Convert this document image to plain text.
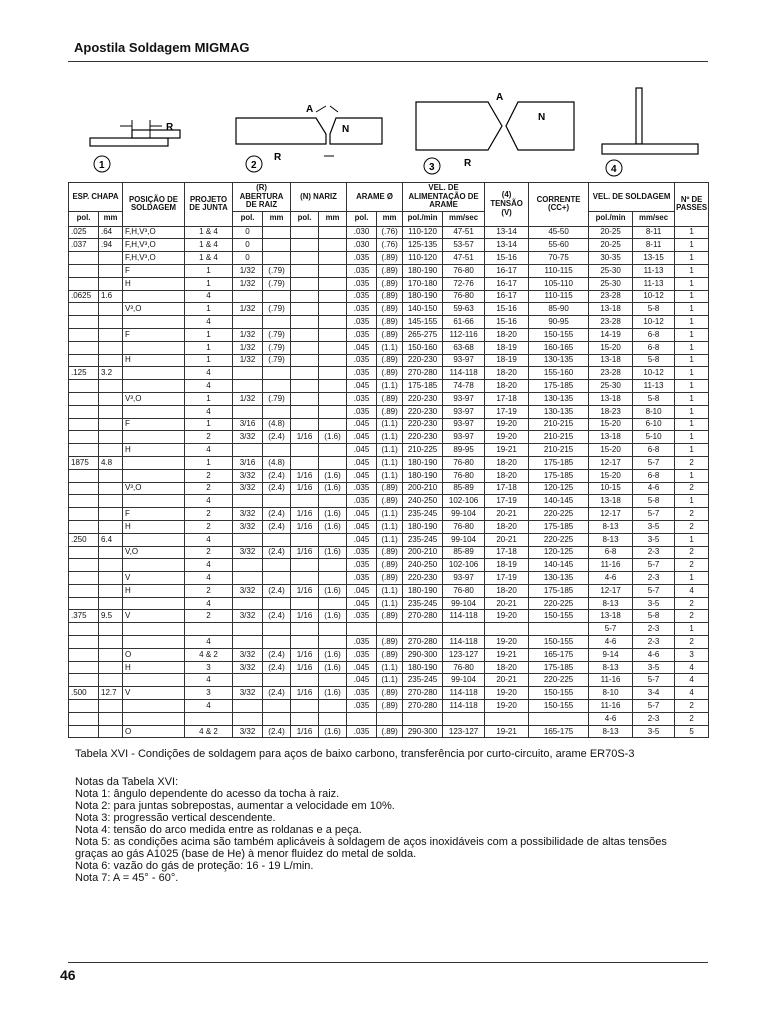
Apostila Soldagem MIGMAG
R
1
A
N
R
2
A
N
R
3	4
ESP. CHAPA		POSIÇÃO DE SOLDAGEM	PROJETO DE JUNTA	(R) ABERTURA DE RAIZ		(N) NARIZ		ARAME Ø		VEL. DE ALIMENTAÇÃO DE ARAME		(4) TENSÃO (V)	CORRENTE (CC+)	VEL. DE SOLDAGEM		Nº DE PASSES
pol.	mm			pol.	mm	pol.	mm	pol.	mm	pol./min	mm/sec			pol./min	mm/sec	
.025	.64	F,H,V³,O	1 & 4	0				.030	(.76)	110-120	47-51	13-14	45-50	20-25	8-11	1
.037	.94	F,H,V³,O	1 & 4	0				.030	(.76)	125-135	53-57	13-14	55-60	20-25	8-11	1
		F,H,V³,O	1 & 4	0				.035	(.89)	110-120	47-51	15-16	70-75	30-35	13-15	1
		F	1	1/32	(.79)			.035	(.89)	180-190	76-80	16-17	110-115	25-30	11-13	1
		H	1	1/32	(.79)			.035	(.89)	170-180	72-76	16-17	105-110	25-30	11-13	1
.0625	1.6		4					.035	(.89)	180-190	76-80	16-17	110-115	23-28	10-12	1
		V³,O	1	1/32	(.79)			.035	(.89)	140-150	59-63	15-16	85-90	13-18	5-8	1
			4					.035	(.89)	145-155	61-66	15-16	90-95	23-28	10-12	1
		F	1	1/32	(.79)			.035	(.89)	265-275	112-116	18-20	150-155	14-19	6-8	1
			1	1/32	(.79)			.045	(1.1)	150-160	63-68	18-19	160-165	15-20	6-8	1
		H	1	1/32	(.79)			.035	(.89)	220-230	93-97	18-19	130-135	13-18	5-8	1
.125	3.2		4					.035	(.89)	270-280	114-118	18-20	155-160	23-28	10-12	1
			4					.045	(1.1)	175-185	74-78	18-20	175-185	25-30	11-13	1
		V³,O	1	1/32	(.79)			.035	(.89)	220-230	93-97	17-18	130-135	13-18	5-8	1
			4					.035	(.89)	220-230	93-97	17-19	130-135	18-23	8-10	1
		F	1	3/16	(4.8)			.045	(1.1)	220-230	93-97	19-20	210-215	15-20	6-10	1
			2	3/32	(2.4)	1/16	(1.6)	.045	(1.1)	220-230	93-97	19-20	210-215	13-18	5-10	1
		H	4					.045	(1.1)	210-225	89-95	19-21	210-215	15-20	6-8	1
1875	4.8		1	3/16	(4.8)			.045	(1.1)	180-190	76-80	18-20	175-185	12-17	5-7	2
			2	3/32	(2.4)	1/16	(1.6)	.045	(1.1)	180-190	76-80	18-20	175-185	15-20	6-8	1
		V³,O	2	3/32	(2.4)	1/16	(1.6)	.035	(.89)	200-210	85-89	17-18	120-125	10-15	4-6	2
			4					.035	(.89)	240-250	102-106	17-19	140-145	13-18	5-8	1
		F	2	3/32	(2.4)	1/16	(1.6)	.045	(1.1)	235-245	99-104	20-21	220-225	12-17	5-7	2
		H	2	3/32	(2.4)	1/16	(1.6)	.045	(1.1)	180-190	76-80	18-20	175-185	8-13	3-5	2
.250	6.4		4					.045	(1.1)	235-245	99-104	20-21	220-225	8-13	3-5	1
		V,O	2	3/32	(2.4)	1/16	(1.6)	.035	(.89)	200-210	85-89	17-18	120-125	6-8	2-3	2
			4					.035	(.89)	240-250	102-106	18-19	140-145	11-16	5-7	2
		V	4					.035	(.89)	220-230	93-97	17-19	130-135	4-6	2-3	1
		H	2	3/32	(2.4)	1/16	(1.6)	.045	(1.1)	180-190	76-80	18-20	175-185	12-17	5-7	4
			4					.045	(1.1)	235-245	99-104	20-21	220-225	8-13	3-5	2
.375	9.5	V	2	3/32	(2.4)	1/16	(1.6)	.035	(.89)	270-280	114-118	19-20	150-155	13-18	5-8	2
														5-7	2-3	1
			4					.035	(.89)	270-280	114-118	19-20	150-155	4-6	2-3	2
		O	4 & 2	3/32	(2.4)	1/16	(1.6)	.035	(.89)	290-300	123-127	19-21	165-175	9-14	4-6	3
		H	3	3/32	(2.4)	1/16	(1.6)	.045	(1.1)	180-190	76-80	18-20	175-185	8-13	3-5	4
			4					.045	(1.1)	235-245	99-104	20-21	220-225	11-16	5-7	4
.500	12.7	V	3	3/32	(2.4)	1/16	(1.6)	.035	(.89)	270-280	114-118	19-20	150-155	8-10	3-4	4
			4					.035	(.89)	270-280	114-118	19-20	150-155	11-16	5-7	2
														4-6	2-3	2
		O	4 & 2	3/32	(2.4)	1/16	(1.6)	.035	(.89)	290-300	123-127	19-21	165-175	8-13	3-5	5
Tabela XVI - Condições de soldagem para aços de baixo carbono, transferência por curto-circuito, arame ER70S-3
Notas da Tabela XVI:
Nota 1: ângulo dependente do acesso da tocha à raiz.
Nota 2: para juntas sobrepostas, aumentar a velocidade em 10%.
Nota 3: progressão vertical descendente.
Nota 4: tensão do arco medida entre as roldanas e a peça.
Nota 5: as condições acima são também aplicáveis à soldagem de aços inoxidáveis com a possibilidade de altas tensões
graças ao gás A1025 (base de He) à menor fluidez do metal de solda.
Nota 6: vazão do gás de proteção: 16 - 19 L/min.
Nota 7: A = 45° - 60°.
46
